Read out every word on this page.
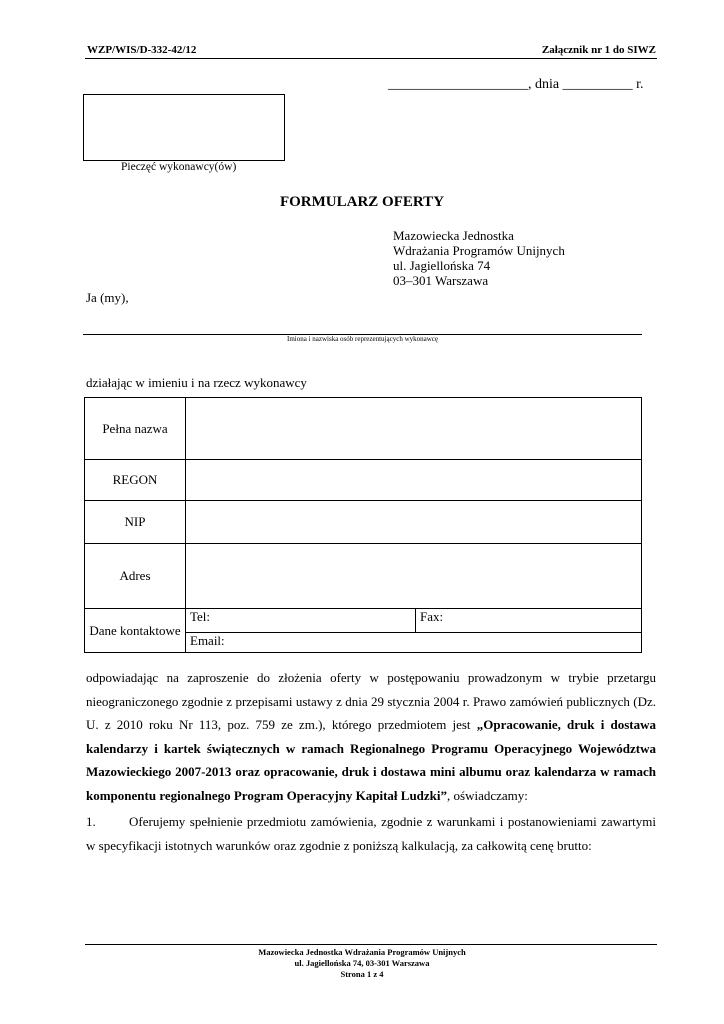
WZP/WIS/D-332-42/12	Załącznik nr 1 do SIWZ
____________________, dnia __________ r.
Pieczęć wykonawcy(ów)
FORMULARZ OFERTY
Mazowiecka Jednostka
Wdrażania Programów Unijnych
ul. Jagiellońska 74
03–301 Warszawa
Ja (my),
Imiona i nazwiska osób reprezentujących wykonawcę
działając w imieniu i na rzecz wykonawcy
Pełna nazwa		
REGON		
NIP		
Adres		
Dane kontaktowe	Tel:	Fax:
	Email:	

odpowiadając na zaproszenie do złożenia oferty w postępowaniu prowadzonym w trybie przetargu nieograniczonego zgodnie z przepisami ustawy z dnia 29 stycznia 2004 r. Prawo zamówień publicznych (Dz. U. z 2010 roku Nr 113, poz. 759 ze zm.), którego przedmiotem jest „Opracowanie, druk i dostawa kalendarzy i kartek świątecznych w ramach Regionalnego Programu Operacyjnego Województwa Mazowieckiego 2007-2013 oraz opracowanie, druk i dostawa mini albumu oraz kalendarza w ramach komponentu regionalnego Program Operacyjny Kapitał Ludzki”, oświadczamy:

1.	Oferujemy spełnienie przedmiotu zamówienia, zgodnie z warunkami i postanowieniami zawartymi w specyfikacji istotnych warunków oraz zgodnie z poniższą kalkulacją, za całkowitą cenę brutto:

Mazowiecka Jednostka Wdrażania Programów Unijnych
ul. Jagiellońska 74, 03-301 Warszawa
Strona 1 z 4
